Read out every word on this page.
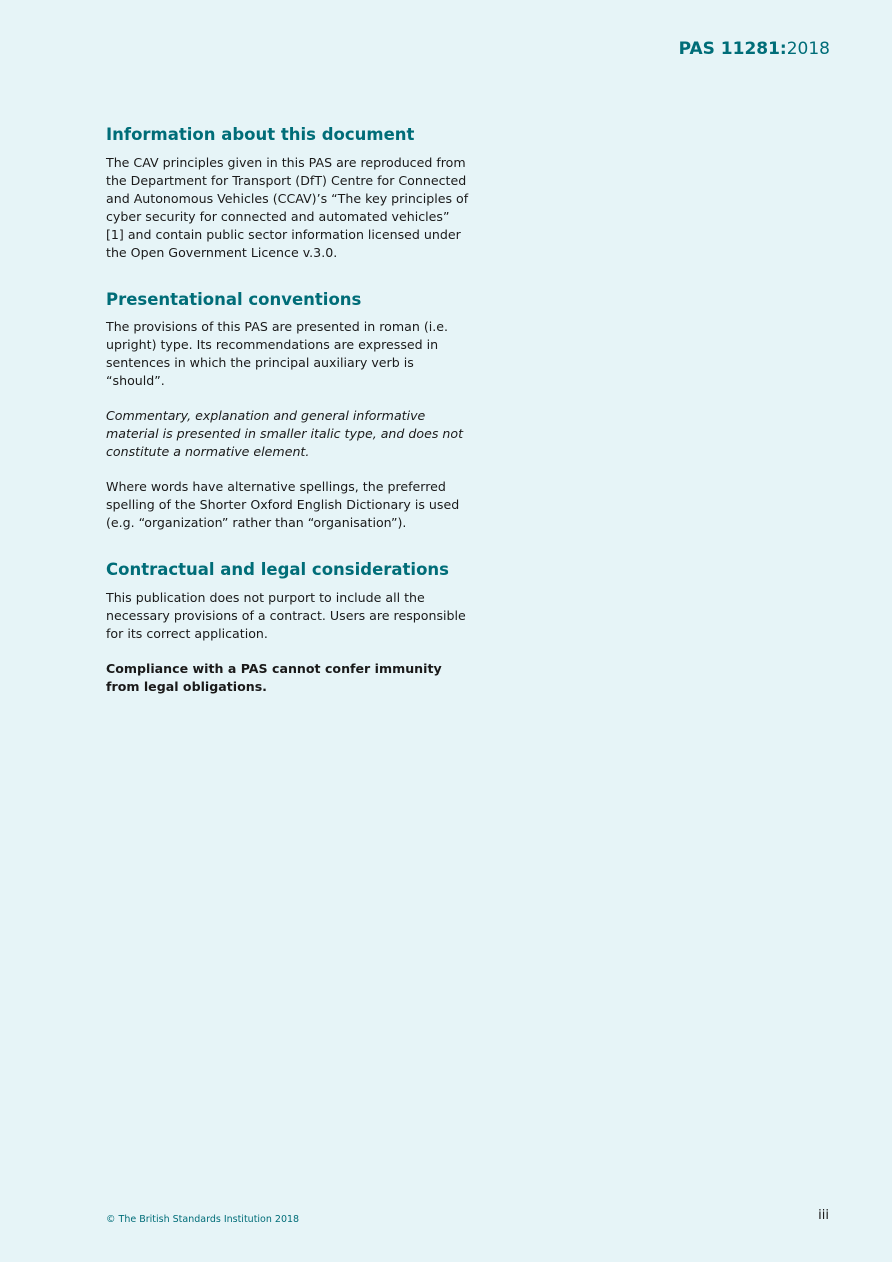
PAS 11281:2018
Information about this document

The CAV principles given in this PAS are reproduced from the Department for Transport (DfT) Centre for Connected and Autonomous Vehicles (CCAV)’s “The key principles of cyber security for connected and automated vehicles” [1] and contain public sector information licensed under the Open Government Licence v.3.0.

Presentational conventions

The provisions of this PAS are presented in roman (i.e. upright) type. Its recommendations are expressed in sentences in which the principal auxiliary verb is “should”.

Commentary, explanation and general informative material is presented in smaller italic type, and does not constitute a normative element.

Where words have alternative spellings, the preferred spelling of the Shorter Oxford English Dictionary is used (e.g. “organization” rather than “organisation”).

Contractual and legal considerations

This publication does not purport to include all the necessary provisions of a contract. Users are responsible for its correct application.

Compliance with a PAS cannot confer immunity from legal obligations.

© The British Standards Institution 2018	iii
